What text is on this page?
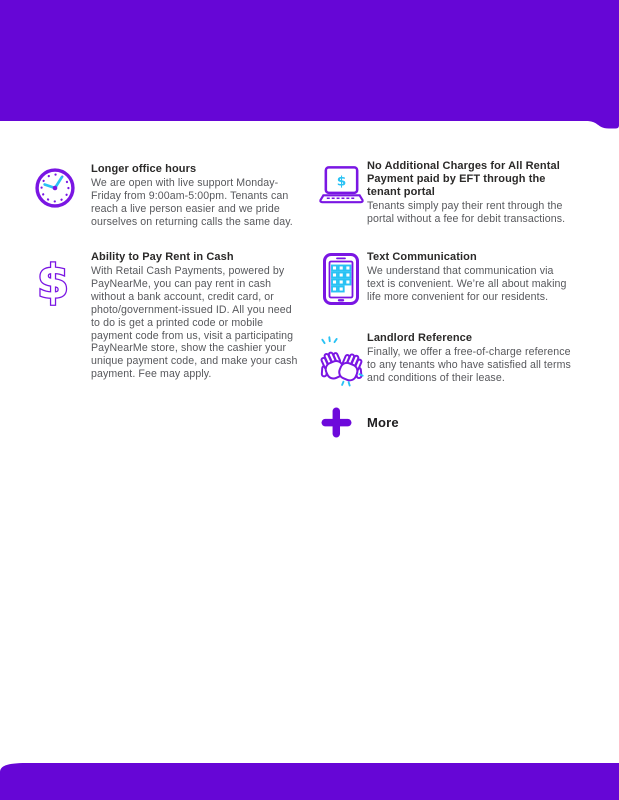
Longer office hours

We are open with live support Monday-Friday from 9:00am-5:00pm. Tenants can reach a live person easier and we pride ourselves on returning calls the same day.

$ Ability to Pay Rent in Cash

With Retail Cash Payments, powered by PayNearMe, you can pay rent in cash without a bank account, credit card, or photo/government-issued ID. All you need to do is get a printed code or mobile payment code from us, visit a participating PayNearMe store, show the cashier your unique payment code, and make your cash payment. Fee may apply.

$
No Additional Charges for All Rental Payment paid by EFT through the tenant portal

Tenants simply pay their rent through the portal without a fee for debit transactions.

Text Communication

We understand that communication via text is convenient. We’re all about making life more convenient for our residents.

Landlord Reference

Finally, we offer a free-of-charge reference to any tenants who have satisfied all terms and conditions of their lease.

More
